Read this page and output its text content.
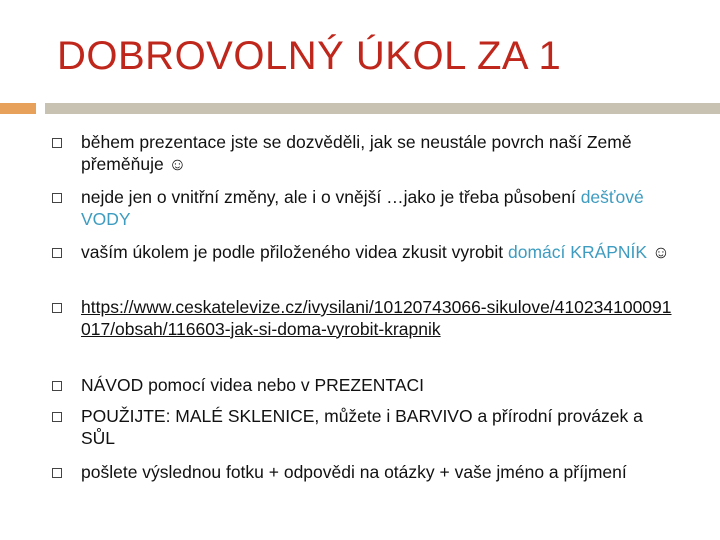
DOBROVOLNÝ ÚKOL ZA 1

během prezentace jste se dozvěděli, jak se neustále povrch naší Země přeměňuje ☺

nejde jen o vnitřní změny, ale i o vnější …jako je třeba působení dešťové VODY

vaším úkolem je podle přiloženého videa zkusit vyrobit domácí KRÁPNÍK ☺

https://www.ceskatelevize.cz/ivysilani/10120743066-sikulove/410234100091017/obsah/116603-jak-si-doma-vyrobit-krapnik

NÁVOD pomocí videa nebo v PREZENTACI

POUŽIJTE: MALÉ SKLENICE, můžete i BARVIVO a přírodní provázek a SŮL

pošlete výslednou fotku + odpovědi na otázky + vaše jméno a příjmení
